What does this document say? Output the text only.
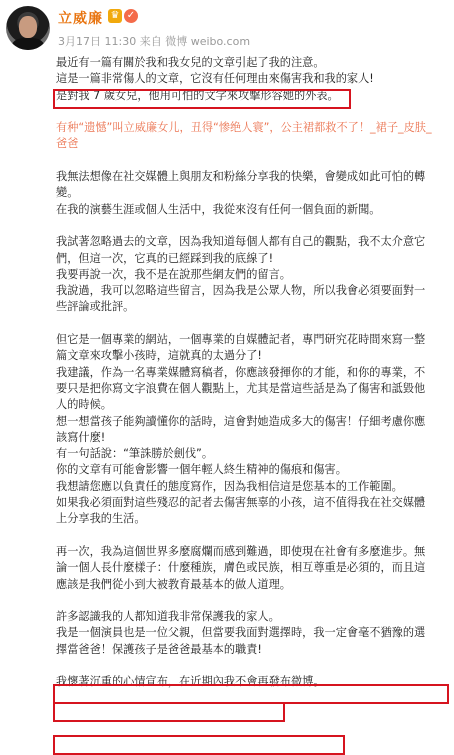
立威廉 ♛ ✓
3月17日 11:30 来自 微博 weibo.com
最近有一篇有關於我和我女兒的文章引起了我的注意。
這是一篇非常傷人的文章，它沒有任何理由來傷害我和我的家人!
是對我 7 歲女兒，他用可怕的文字來攻擊形容她的外表。
有种“遗憾”叫立威廉女儿，丑得“惨绝人寰”，公主裙都救不了！_裙子_皮肤_
爸爸
我無法想像在社交媒體上與朋友和粉絲分享我的快樂，會變成如此可怕的轉
變。
在我的演藝生涯或個人生活中，我從來沒有任何一個負面的新聞。
我試著忽略過去的文章，因為我知道每個人都有自己的觀點，我不太介意它
們，但這一次，它真的已經踩到我的底線了!
我要再說一次，我不是在說那些網友們的留言。
我說過，我可以忽略這些留言，因為我是公眾人物，所以我會必須要面對一
些評論或批評。
但它是一個專業的網站，一個專業的自媒體記者，專門研究花時間來寫一整
篇文章來攻擊小孩時，這就真的太過分了!
我建議，作為一名專業媒體寫稿者，你應該發揮你的才能，和你的專業，不
要只是把你寫文字浪費在個人觀點上，尤其是當這些話是為了傷害和詆毀他
人的時候。
想一想當孩子能夠讀懂你的話時，這會對她造成多大的傷害！仔細考慮你應
該寫什麼!
有一句話說：“筆誅勝於劍伐”。
你的文章有可能會影響一個年輕人終生精神的傷痕和傷害。
我想請您應以負責任的態度寫作，因為我相信這是您基本的工作範圍。
如果我必須面對這些殘忍的記者去傷害無辜的小孩，這不值得我在社交媒體
上分享我的生活。
再一次，我為這個世界多麼腐爛而感到難過，即使現在社會有多麼進步。無
論一個人長什麼樣子：什麼種族，膚色或民族，相互尊重是必須的，而且這
應該是我們從小到大被教育最基本的做人道理。
許多認識我的人都知道我非常保護我的家人。
我是一個演員也是一位父親，但當要我面對選擇時，我一定會毫不猶豫的選
擇當爸爸！保護孩子是爸爸最基本的職責!
我懷著沉重的心情宣布，在近期內我不會再發布微博。
